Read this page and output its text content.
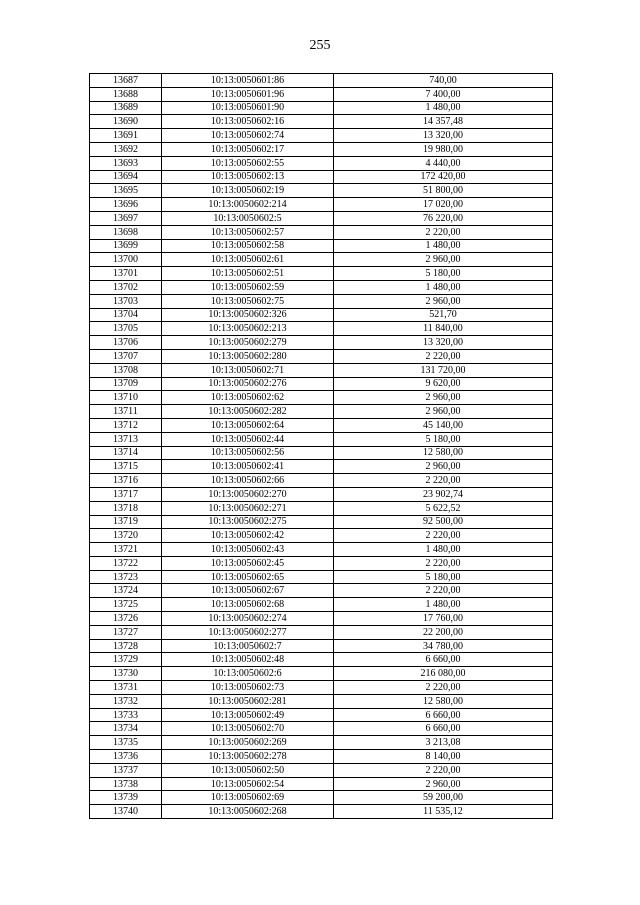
255
13687	10:13:0050601:86	740,00
13688	10:13:0050601:96	7 400,00
13689	10:13:0050601:90	1 480,00
13690	10:13:0050602:16	14 357,48
13691	10:13:0050602:74	13 320,00
13692	10:13:0050602:17	19 980,00
13693	10:13:0050602:55	4 440,00
13694	10:13:0050602:13	172 420,00
13695	10:13:0050602:19	51 800,00
13696	10:13:0050602:214	17 020,00
13697	10:13:0050602:5	76 220,00
13698	10:13:0050602:57	2 220,00
13699	10:13:0050602:58	1 480,00
13700	10:13:0050602:61	2 960,00
13701	10:13:0050602:51	5 180,00
13702	10:13:0050602:59	1 480,00
13703	10:13:0050602:75	2 960,00
13704	10:13:0050602:326	521,70
13705	10:13:0050602:213	11 840,00
13706	10:13:0050602:279	13 320,00
13707	10:13:0050602:280	2 220,00
13708	10:13:0050602:71	131 720,00
13709	10:13:0050602:276	9 620,00
13710	10:13:0050602:62	2 960,00
13711	10:13:0050602:282	2 960,00
13712	10:13:0050602:64	45 140,00
13713	10:13:0050602:44	5 180,00
13714	10:13:0050602:56	12 580,00
13715	10:13:0050602:41	2 960,00
13716	10:13:0050602:66	2 220,00
13717	10:13:0050602:270	23 902,74
13718	10:13:0050602:271	5 622,52
13719	10:13:0050602:275	92 500,00
13720	10:13:0050602:42	2 220,00
13721	10:13:0050602:43	1 480,00
13722	10:13:0050602:45	2 220,00
13723	10:13:0050602:65	5 180,00
13724	10:13:0050602:67	2 220,00
13725	10:13:0050602:68	1 480,00
13726	10:13:0050602:274	17 760,00
13727	10:13:0050602:277	22 200,00
13728	10:13:0050602:7	34 780,00
13729	10:13:0050602:48	6 660,00
13730	10:13:0050602:6	216 080,00
13731	10:13:0050602:73	2 220,00
13732	10:13:0050602:281	12 580,00
13733	10:13:0050602:49	6 660,00
13734	10:13:0050602:70	6 660,00
13735	10:13:0050602:269	3 213,08
13736	10:13:0050602:278	8 140,00
13737	10:13:0050602:50	2 220,00
13738	10:13:0050602:54	2 960,00
13739	10:13:0050602:69	59 200,00
13740	10:13:0050602:268	11 535,12
